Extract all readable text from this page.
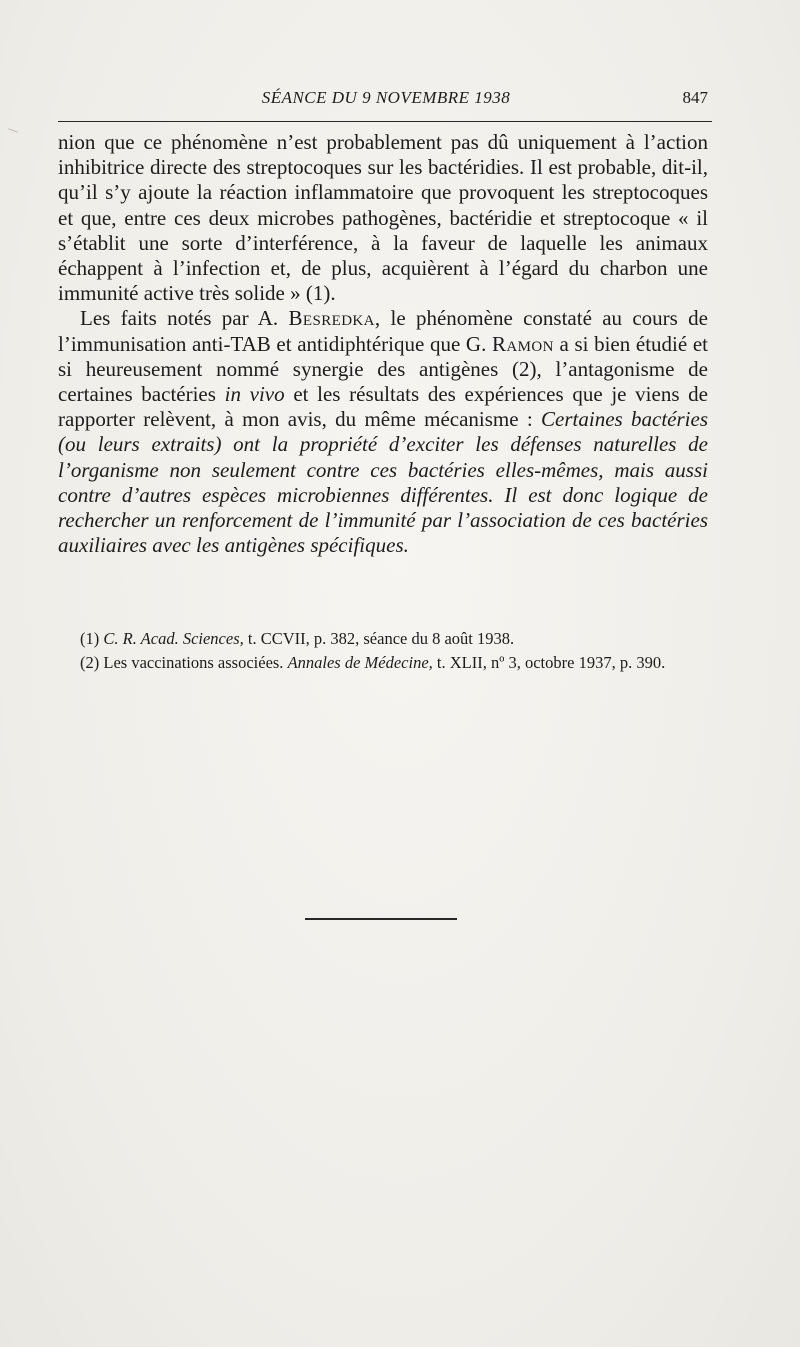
SÉANCE DU 9 NOVEMBRE 1938	847

nion que ce phénomène n’est probablement pas dû uniquement à l’action inhibitrice directe des streptocoques sur les bactéridies. Il est probable, dit-il, qu’il s’y ajoute la réaction inflammatoire que provoquent les streptocoques et que, entre ces deux microbes pathogènes, bactéridie et streptocoque « il s’établit une sorte d’interférence, à la faveur de laquelle les animaux échappent à l’infection et, de plus, acquièrent à l’égard du charbon une immunité active très solide » (1).

Les faits notés par A. Besredka, le phénomène constaté au cours de l’immunisation anti-TAB et antidiphtérique que G. Ramon a si bien étudié et si heureusement nommé synergie des antigènes (2), l’antagonisme de certaines bactéries in vivo et les résultats des expériences que je viens de rapporter relèvent, à mon avis, du même mécanisme : Certaines bactéries (ou leurs extraits) ont la propriété d’exciter les défenses naturelles de l’organisme non seulement contre ces bactéries elles-mêmes, mais aussi contre d’autres espèces microbiennes différentes. Il est donc logique de rechercher un renforcement de l’immunité par l’association de ces bactéries auxiliaires avec les antigènes spécifiques.

(1) C. R. Acad. Sciences, t. CCVII, p. 382, séance du 8 août 1938.

(2) Les vaccinations associées. Annales de Médecine, t. XLII, nº 3, octobre 1937, p. 390.
